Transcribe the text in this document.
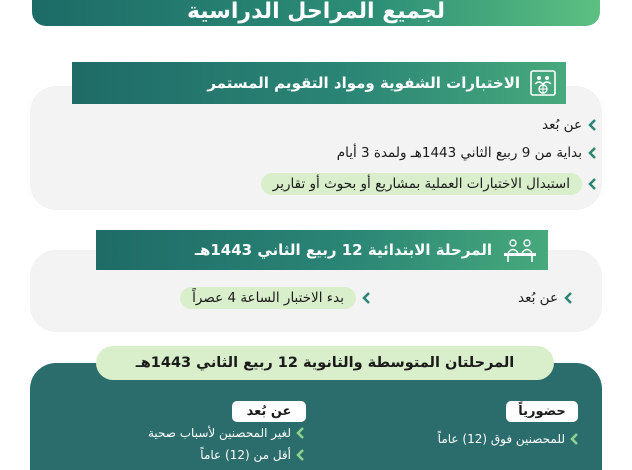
لجميع المراحل الدراسية
الاختبارات الشفوية ومواد التقويم المستمر
عن بُعد
بداية من 9 ربيع الثاني 1443هـ ولمدة 3 أيام
استبدال الاختبارات العملية بمشاريع أو بحوث أو تقارير
المرحلة الابتدائية 12 ربيع الثاني 1443هـ
عن بُعد
بدء الاختبار الساعة 4 عصراً
المرحلتان المتوسطة والثانوية 12 ربيع الثاني 1443هـ
حضورياً
للمحصنين فوق (12) عاماً
عن بُعد
لغير المحصنين لأسباب صحية
أقل من (12) عاماً
